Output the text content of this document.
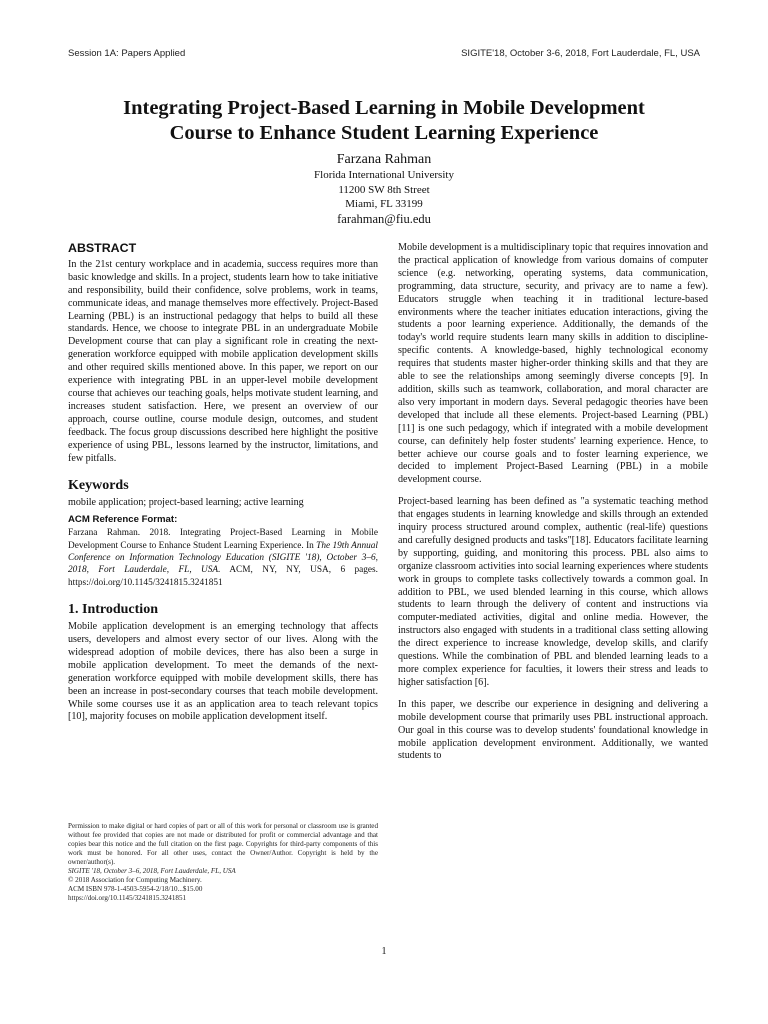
Session 1A: Papers Applied	SIGITE'18, October 3-6, 2018, Fort Lauderdale, FL, USA
Integrating Project-Based Learning in Mobile Development
Course to Enhance Student Learning Experience
Farzana Rahman
Florida International University
11200 SW 8th Street
Miami, FL 33199
farahman@fiu.edu
ABSTRACT

In the 21st century workplace and in academia, success requires more than basic knowledge and skills. In a project, students learn how to take initiative and responsibility, build their confidence, solve problems, work in teams, communicate ideas, and manage themselves more effectively. Project-Based Learning (PBL) is an instructional pedagogy that helps to build all these standards. Hence, we choose to integrate PBL in an undergraduate Mobile Development course that can play a significant role in creating the next-generation workforce equipped with mobile application development skills and other required skills mentioned above. In this paper, we report on our experience with integrating PBL in an upper-level mobile development course that achieves our teaching goals, helps motivate student learning, and increases student satisfaction. Here, we present an overview of our approach, course outline, course module design, outcomes, and student feedback. The focus group discussions described here highlight the positive experience of using PBL, lessons learned by the instructor, limitations, and few pitfalls.

Keywords

mobile application; project-based learning; active learning

ACM Reference Format:

Farzana Rahman. 2018. Integrating Project-Based Learning in Mobile Development Course to Enhance Student Learning Experience. In The 19th Annual Conference on Information Technology Education (SIGITE '18), October 3–6, 2018, Fort Lauderdale, FL, USA. ACM, NY, NY, USA, 6 pages. https://doi.org/10.1145/3241815.3241851

1. Introduction

Mobile application development is an emerging technology that affects users, developers and almost every sector of our lives. Along with the widespread adoption of mobile devices, there has also been a surge in mobile application development. To meet the demands of the next-generation workforce equipped with mobile development skills, there has been an increase in post-secondary courses that teach mobile development. While some courses use it as an application area to teach relevant topics [10], majority focuses on mobile application development itself.

Permission to make digital or hard copies of part or all of this work for personal or classroom use is granted without fee provided that copies are not made or distributed for profit or commercial advantage and that copies bear this notice and the full citation on the first page. Copyrights for third-party components of this work must be honored. For all other uses, contact the Owner/Author. Copyright is held by the owner/author(s).

SIGITE '18, October 3–6, 2018, Fort Lauderdale, FL, USA

© 2018 Association for Computing Machinery.

ACM ISBN 978-1-4503-5954-2/18/10...$15.00

https://doi.org/10.1145/3241815.3241851

Mobile development is a multidisciplinary topic that requires innovation and the practical application of knowledge from various domains of computer science (e.g. networking, operating systems, data communication, programming, data structure, security, and privacy are to name a few). Educators struggle when teaching it in traditional lecture-based environments where the teacher initiates education interactions, giving the students a poor learning experience. Additionally, the demands of the today's world require students learn many skills in addition to discipline-specific contents. A knowledge-based, highly technological economy requires that students master higher-order thinking skills and that they are able to see the relationships among seemingly diverse concepts [9]. In addition, skills such as teamwork, collaboration, and moral character are also very important in modern days. Several pedagogic theories have been developed that include all these elements. Project-based Learning (PBL) [11] is one such pedagogy, which if integrated with a mobile development course, can definitely help foster students' learning experience. Hence, to better achieve our course goals and to foster learning experience, we decided to implement Project-Based Learning (PBL) in a mobile development course.

Project-based learning has been defined as "a systematic teaching method that engages students in learning knowledge and skills through an extended inquiry process structured around complex, authentic (real-life) questions and carefully designed products and tasks"[18]. Educators facilitate learning by supporting, guiding, and monitoring this process. PBL also aims to organize classroom activities into social learning experiences where students work in groups to complete tasks collectively towards a common goal. In addition to PBL, we used blended learning in this course, which allows students to learn through the delivery of content and instructions via computer-mediated activities, digital and online media. However, the instructors also engaged with students in a traditional class setting allowing the direct experience to increase knowledge, develop skills, and clarify questions. While the combination of PBL and blended learning leads to a more complex experience for faculties, it lowers their stress and leads to higher satisfaction [6].

In this paper, we describe our experience in designing and delivering a mobile development course that primarily uses PBL instructional approach. Our goal in this course was to develop students' foundational knowledge in mobile application development environment. Additionally, we wanted students to

1
